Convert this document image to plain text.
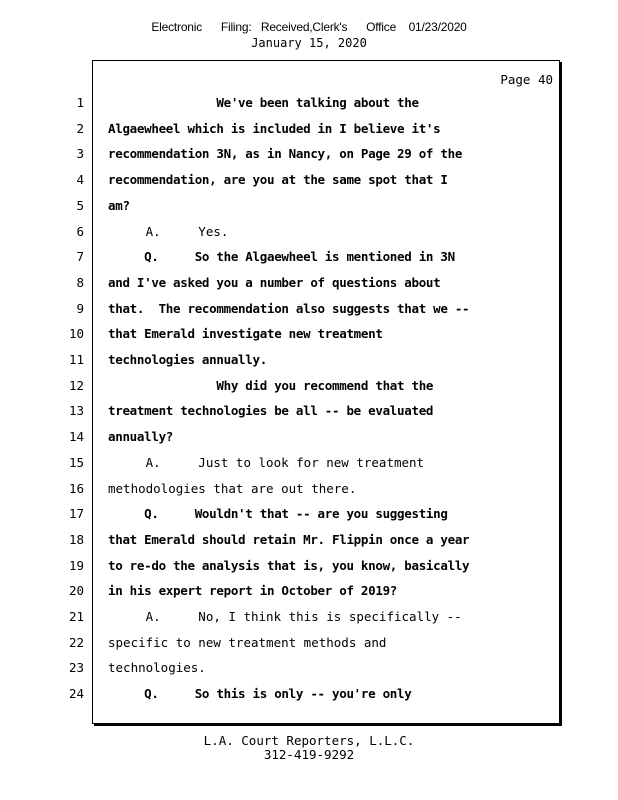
Electronic      Filing:   Received,Clerk's      Office    01/23/2020
January 15, 2020
Page 40
1 We've been talking about the
2 Algaewheel which is included in I believe it's
3 recommendation 3N, as in Nancy, on Page 29 of the
4 recommendation, are you at the same spot that I
5 am?
6 A.     Yes.
7 Q.     So the Algaewheel is mentioned in 3N
8 and I've asked you a number of questions about
9 that.  The recommendation also suggests that we --
10 that Emerald investigate new treatment
11 technologies annually.
12 Why did you recommend that the
13 treatment technologies be all -- be evaluated
14 annually?
15 A.     Just to look for new treatment
16 methodologies that are out there.
17 Q.     Wouldn't that -- are you suggesting
18 that Emerald should retain Mr. Flippin once a year
19 to re-do the analysis that is, you know, basically
20 in his expert report in October of 2019?
21 A.     No, I think this is specifically --
22 specific to new treatment methods and
23 technologies.
24 Q.     So this is only -- you're only
L.A. Court Reporters, L.L.C.
312-419-9292
